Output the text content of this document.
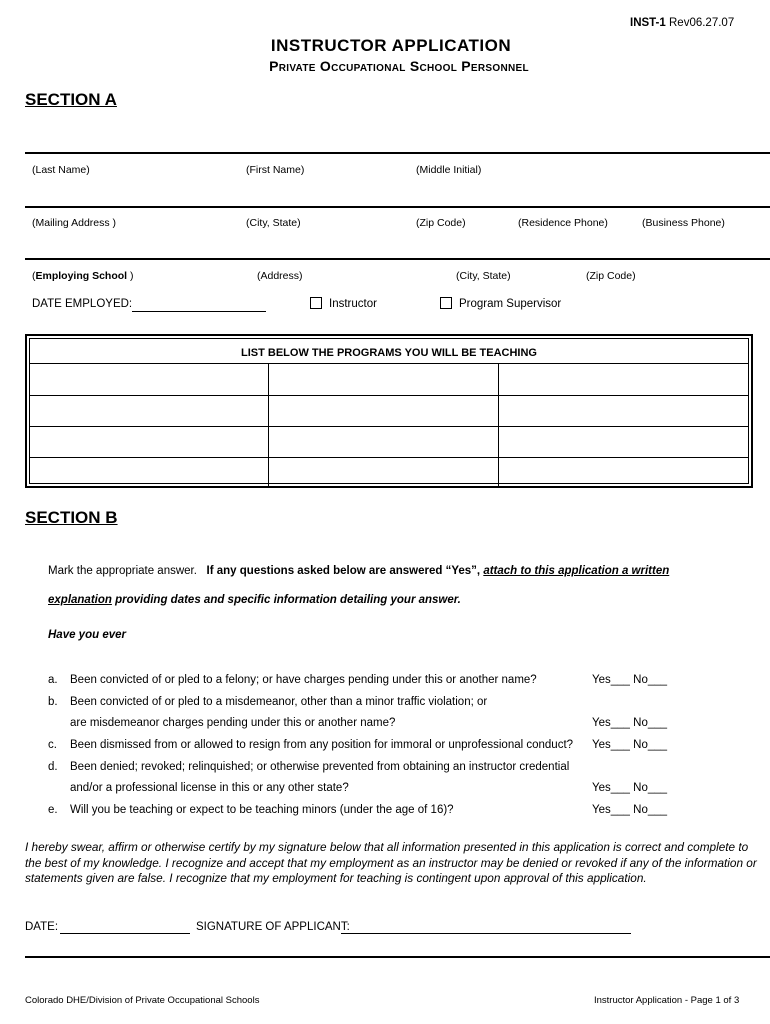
INST-1 Rev06.27.07
INSTRUCTOR APPLICATION
Private Occupational School Personnel
SECTION A
(Last Name)	(First Name)	(Middle Initial)
(Mailing Address )	(City, State)	(Zip Code)	(Residence Phone)	(Business Phone)
(Employing School )	(Address)	(City, State)	(Zip Code)
DATE EMPLOYED:	Instructor	Program Supervisor
LIST BELOW THE PROGRAMS YOU WILL BE TEACHING
SECTION B
Mark the appropriate answer. If any questions asked below are answered “Yes”, attach to this application a written
explanation providing dates and specific information detailing your answer.
Have you ever
a. Been convicted of or pled to a felony; or have charges pending under this or another name?	Yes___ No___
b. Been convicted of or pled to a misdemeanor, other than a minor traffic violation; or
are misdemeanor charges pending under this or another name?	Yes___ No___
c. Been dismissed from or allowed to resign from any position for immoral or unprofessional conduct? Yes___ No___
d. Been denied; revoked; relinquished; or otherwise prevented from obtaining an instructor credential
and/or a professional license in this or any other state?	Yes___ No___
e. Will you be teaching or expect to be teaching minors (under the age of 16)?	Yes___ No___
I hereby swear, affirm or otherwise certify by my signature below that all information presented in this application is correct and complete to the best of my knowledge. I recognize and accept that my employment as an instructor may be denied or revoked if any of the information or statements given are false. I recognize that my employment for teaching is contingent upon approval of this application.
DATE:	SIGNATURE OF APPLICANT:
Colorado DHE/Division of Private Occupational Schools	Instructor Application - Page 1 of 3
